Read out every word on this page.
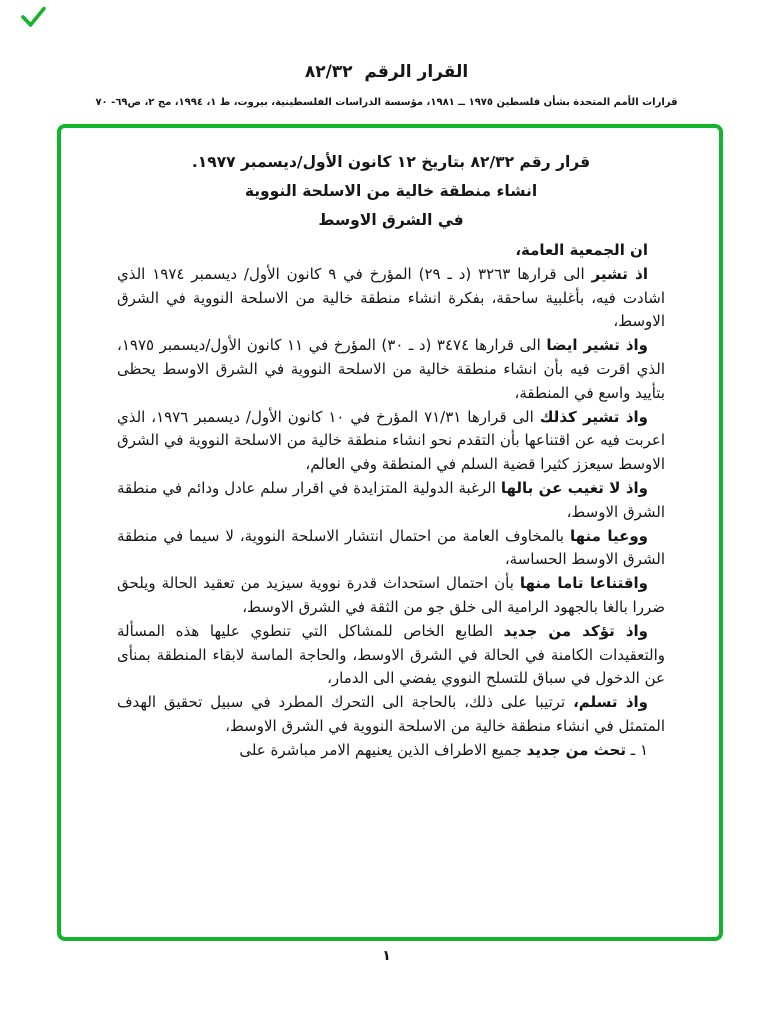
القرار الرقم  ٨٢/٣٢
قرارات الأمم المتحدة بشأن فلسطين ١٩٧٥ ــ ١٩٨١، مؤسسة الدراسات الفلسطينية، بيروت، ط ١، ١٩٩٤، مج ٢، ص٦٩- ٧٠
قرار رقم ٨٢/٣٢ بتاريخ ١٢ كانون الأول/ديسمبر ١٩٧٧.
انشاء منطقة خالية من الاسلحة النووية
في الشرق الاوسط

ان الجمعية العامة،

اذ تشير الى قرارها ٣٢٦٣ (د ـ ٢٩) المؤرخ في ٩ كانون الأول/ ديسمبر ١٩٧٤ الذي اشادت فيه، بأغلبية ساحقة، بفكرة انشاء منطقة خالية من الاسلحة النووية في الشرق الاوسط،

واذ تشير ايضا الى قرارها ٣٤٧٤ (د ـ ٣٠) المؤرخ في ١١ كانون الأول/ديسمبر ١٩٧٥، الذي اقرت فيه بأن انشاء منطقة خالية من الاسلحة النووية في الشرق الاوسط يحظى بتأييد واسع في المنطقة،

واذ تشير كذلك الى قرارها ٧١/٣١ المؤرخ في ١٠ كانون الأول/ ديسمبر ١٩٧٦، الذي اعربت فيه عن اقتناعها بأن التقدم نحو انشاء منطقة خالية من الاسلحة النووية في الشرق الاوسط سيعزز كثيرا قضية السلم في المنطقة وفي العالم،

واذ لا تغيب عن بالها الرغبة الدولية المتزايدة في اقرار سلم عادل ودائم في منطقة الشرق الاوسط،

ووعيا منها بالمخاوف العامة من احتمال انتشار الاسلحة النووية، لا سيما في منطقة الشرق الاوسط الحساسة،

واقتناعا تاما منها بأن احتمال استحداث قدرة نووية سيزيد من تعقيد الحالة ويلحق ضررا بالغا بالجهود الرامية الى خلق جو من الثقة في الشرق الاوسط،

واذ تؤكد من جديد الطابع الخاص للمشاكل التي تنطوي عليها هذه المسألة والتعقيدات الكامنة في الحالة في الشرق الاوسط، والحاجة الماسة لابقاء المنطقة بمنأى عن الدخول في سباق للتسلح النووي يفضي الى الدمار،

واذ تسلم، ترتيبا على ذلك، بالحاجة الى التحرك المطرد في سبيل تحقيق الهدف المتمثل في انشاء منطقة خالية من الاسلحة النووية في الشرق الاوسط،

١ ـ تحث من جديد جميع الاطراف الذين يعنيهم الامر مباشرة على

١
